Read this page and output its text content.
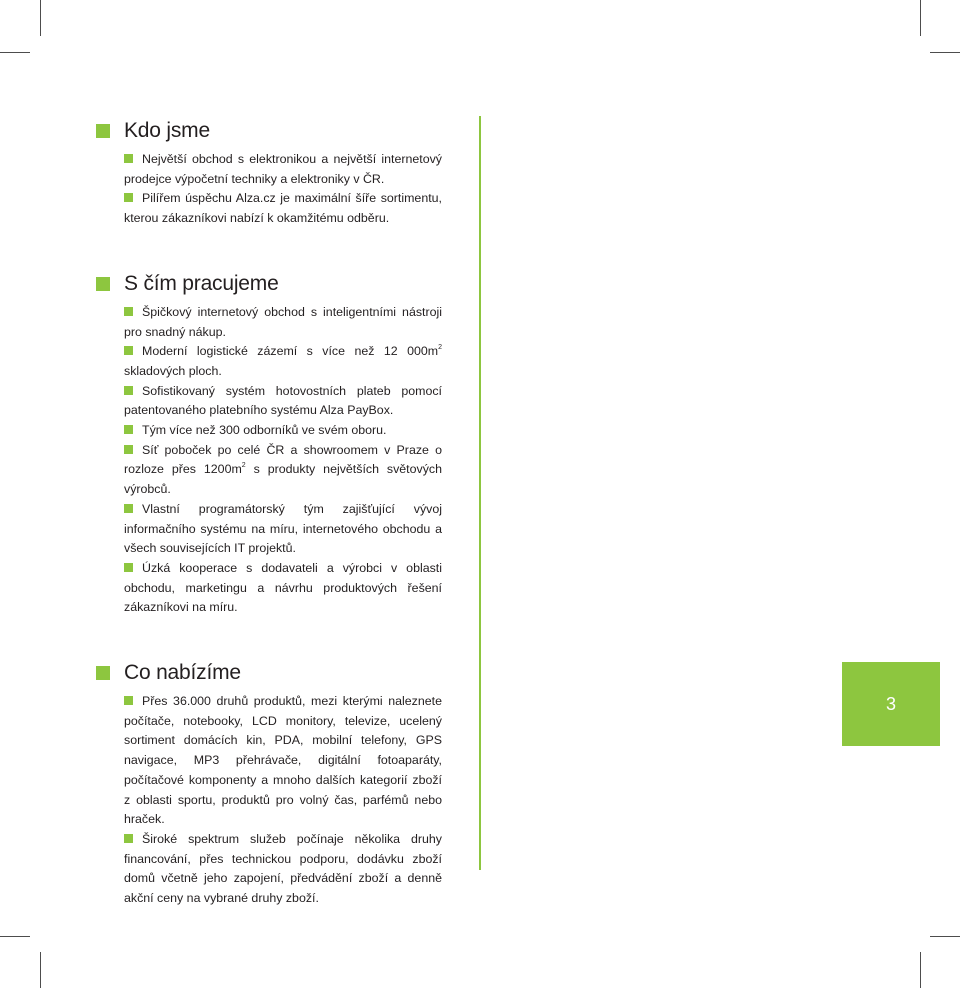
Kdo jsme

Největší obchod s elektronikou a největší internetový prodejce výpočetní techniky a elektroniky v ČR.

Pilířem úspěchu Alza.cz je maximální šíře sortimentu, kterou zákazníkovi nabízí k okamžitému odběru.

S čím pracujeme

Špičkový internetový obchod s inteligentními nástroji pro snadný nákup.

Moderní logistické zázemí s více než 12 $000m^2$ skladových ploch.

Sofistikovaný systém hotovostních plateb pomocí patentovaného platebního systému Alza PayBox.

Tým více než 300 odborníků ve svém oboru.

Síť poboček po celé ČR a showroomem v Praze o rozloze přes $1200m^2$ s produkty největších světových výrobců.

Vlastní programátorský tým zajišťující vývoj informačního systému na míru, internetového obchodu a všech souvisejících IT projektů.

Úzká kooperace s dodavateli a výrobci v oblasti obchodu, marketingu a návrhu produktových řešení zákazníkovi na míru.

Co nabízíme

Přes 36.000 druhů produktů, mezi kterými naleznete počítače, notebooky, LCD monitory, televize, ucelený sortiment domácích kin, PDA, mobilní telefony, GPS navigace, MP3 přehrávače, digitální fotoaparáty, počítačové komponenty a mnoho dalších kategorií zboží z oblasti sportu, produktů pro volný čas, parfémů nebo hraček.

Široké spektrum služeb počínaje několika druhy financování, přes technickou podporu, dodávku zboží domů včetně jeho zapojení, předvádění zboží a denně akční ceny na vybrané druhy zboží.

3
